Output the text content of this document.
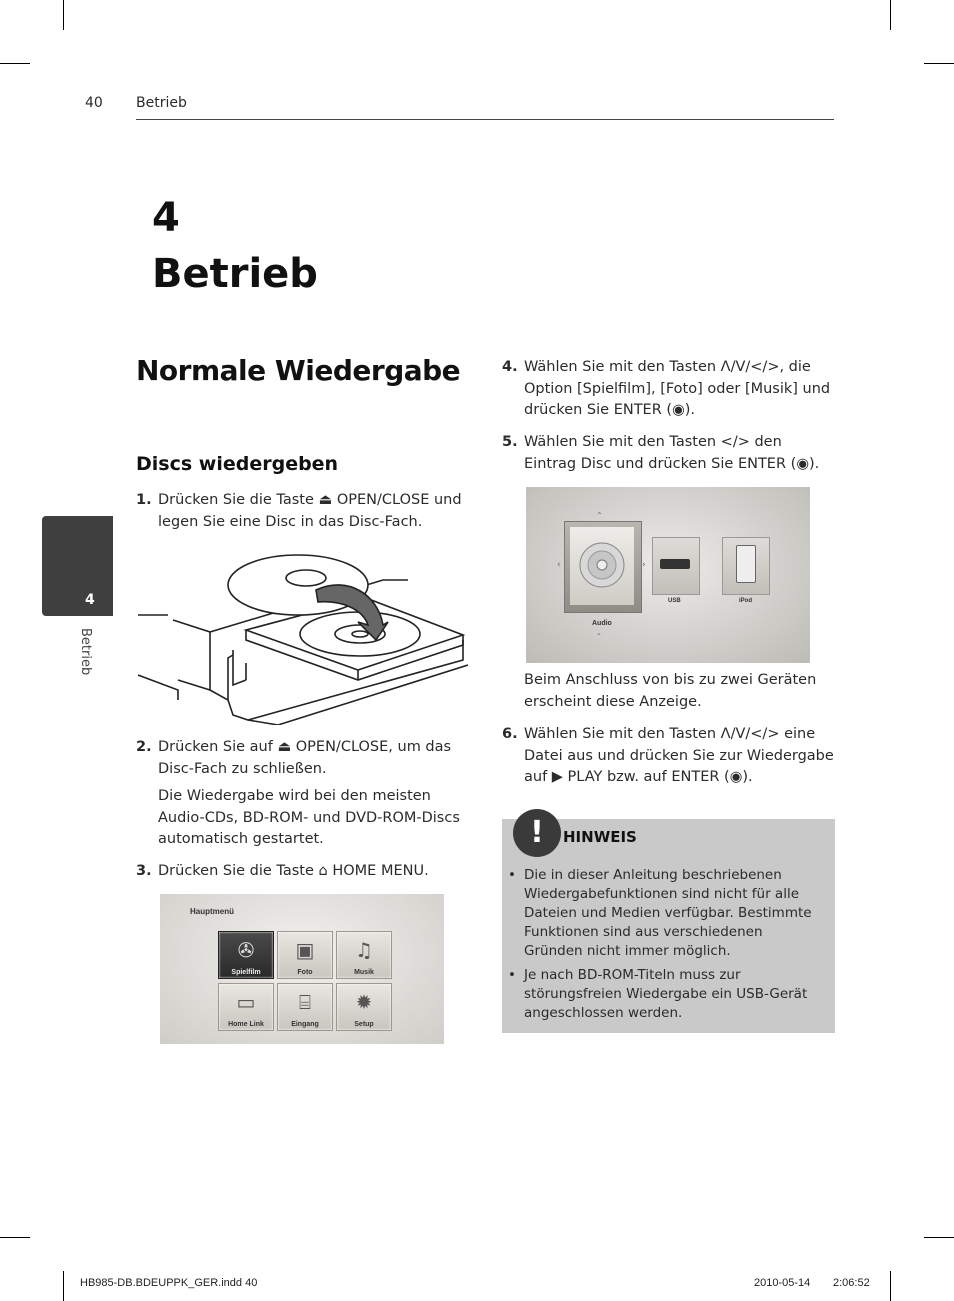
40 Betrieb
4
Betrieb
4
Betrieb
Normale Wiedergabe
Discs wiedergeben
1. Drücken Sie die Taste ⏏ OPEN/CLOSE und legen Sie eine Disc in das Disc-Fach.
2. Drücken Sie auf ⏏ OPEN/CLOSE, um das Disc-Fach zu schließen.
Die Wiedergabe wird bei den meisten Audio-CDs, BD-ROM- und DVD-ROM-Discs automatisch gestartet.
3. Drücken Sie die Taste ⌂ HOME MENU.
Hauptmenü
✇
Spielfilm
▣
Foto
♫
Musik
▭
Home Link
⌸
Eingang
✹
Setup
4. Wählen Sie mit den Tasten Λ/V/</>, die Option [Spielfilm], [Foto] oder [Musik] und drücken Sie ENTER (◉).
5. Wählen Sie mit den Tasten </> den Eintrag Disc und drücken Sie ENTER (◉).
⌃
‹	›
Audio
⌄
USB	iPod
Beim Anschluss von bis zu zwei Geräten erscheint diese Anzeige.
6. Wählen Sie mit den Tasten Λ/V/</> eine Datei aus und drücken Sie zur Wiedergabe auf ▶ PLAY bzw. auf ENTER (◉).
!	HINWEIS
• Die in dieser Anleitung beschriebenen Wiedergabefunktionen sind nicht für alle Dateien und Medien verfügbar. Bestimmte Funktionen sind aus verschiedenen Gründen nicht immer möglich.
• Je nach BD-ROM-Titeln muss zur störungsfreien Wiedergabe ein USB-Gerät angeschlossen werden.
HB985-DB.BDEUPPK_GER.indd 40	2010-05-14 2:06:52
